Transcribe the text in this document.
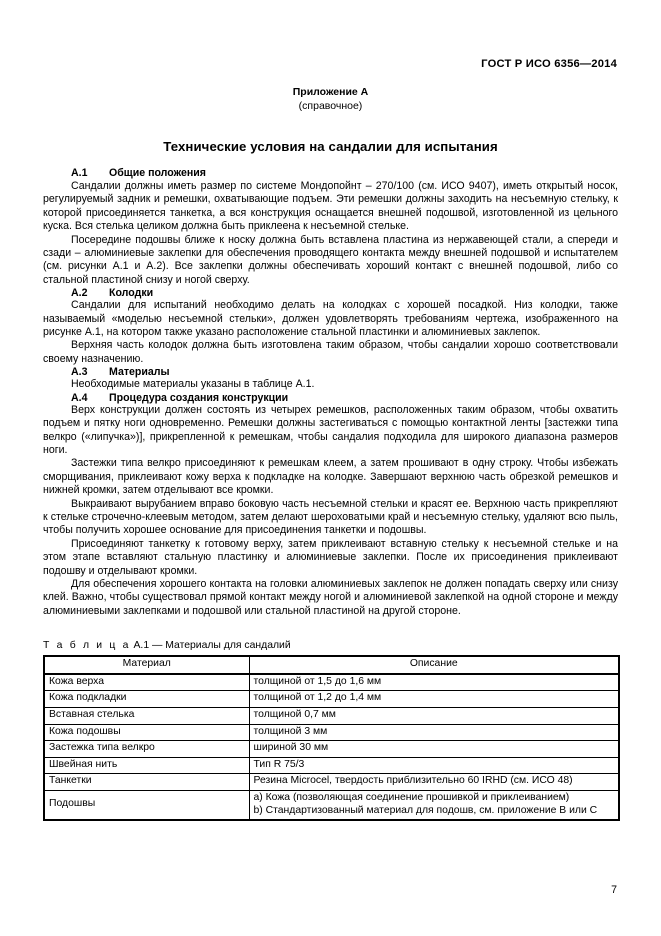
ГОСТ Р ИСО 6356—2014
Приложение А
(справочное)
Технические условия на сандалии для испытания
А.1 Общие положения

Сандалии должны иметь размер по системе Мондопойнт – 270/100 (см. ИСО 9407), иметь открытый носок, регулируемый задник и ремешки, охватывающие подъем. Эти ремешки должны заходить на несъемную стельку, к которой присоединяется танкетка, а вся конструкция оснащается внешней подошвой, изготовленной из цельного куска. Вся стелька целиком должна быть приклеена к несъемной стельке.

Посередине подошвы ближе к носку должна быть вставлена пластина из нержавеющей стали, а спереди и сзади – алюминиевые заклепки для обеспечения проводящего контакта между внешней подошвой и испытателем (см. рисунки А.1 и А.2). Все заклепки должны обеспечивать хороший контакт с внешней подошвой, либо со стальной пластиной снизу и ногой сверху.

А.2 Колодки

Сандалии для испытаний необходимо делать на колодках с хорошей посадкой. Низ колодки, также называемый «моделью несъемной стельки», должен удовлетворять требованиям чертежа, изображенного на рисунке А.1, на котором также указано расположение стальной пластинки и алюминиевых заклепок.

Верхняя часть колодок должна быть изготовлена таким образом, чтобы сандалии хорошо соответствовали своему назначению.

А.3 Материалы

Необходимые материалы указаны в таблице А.1.

А.4 Процедура создания конструкции

Верх конструкции должен состоять из четырех ремешков, расположенных таким образом, чтобы охватить подъем и пятку ноги одновременно. Ремешки должны застегиваться с помощью контактной ленты [застежки типа велкро («липучка»)], прикрепленной к ремешкам, чтобы сандалия подходила для широкого диапазона размеров ноги.

Застежки типа велкро присоединяют к ремешкам клеем, а затем прошивают в одну строку. Чтобы избежать сморщивания, приклеивают кожу верха к подкладке на колодке. Завершают верхнюю часть обрезкой ремешков и нижней кромки, затем отделывают все кромки.

Выкраивают вырубанием вправо боковую часть несъемной стельки и красят ее. Верхнюю часть прикрепляют к стельке строчечно-клеевым методом, затем делают шероховатыми край и несъемную стельку, удаляют всю пыль, чтобы получить хорошее основание для присоединения танкетки и подошвы.

Присоединяют танкетку к готовому верху, затем приклеивают вставную стельку к несъемной стельке и на этом этапе вставляют стальную пластинку и алюминиевые заклепки. После их присоединения приклеивают подошву и отделывают кромки.

Для обеспечения хорошего контакта на головки алюминиевых заклепок не должен попадать сверху или снизу клей. Важно, чтобы существовал прямой контакт между ногой и алюминиевой заклепкой на одной стороне и между алюминиевыми заклепками и подошвой или стальной пластиной на другой стороне.

Т а б л и ц а А.1 — Материалы для сандалий
Материал	Описание
Кожа верха	толщиной от 1,5 до 1,6 мм
Кожа подкладки	толщиной от 1,2 до 1,4 мм
Вставная стелька	толщиной 0,7 мм
Кожа подошвы	толщиной 3 мм
Застежка типа велкро	шириной 30 мм
Швейная нить	Тип R 75/3
Танкетки	Резина Microcel, твердость приблизительно 60 IRHD (см. ИСО 48)
Подошвы	a) Кожа (позволяющая соединение прошивкой и приклеиванием)
b) Стандартизованный материал для подошв, см. приложение В или С
7
